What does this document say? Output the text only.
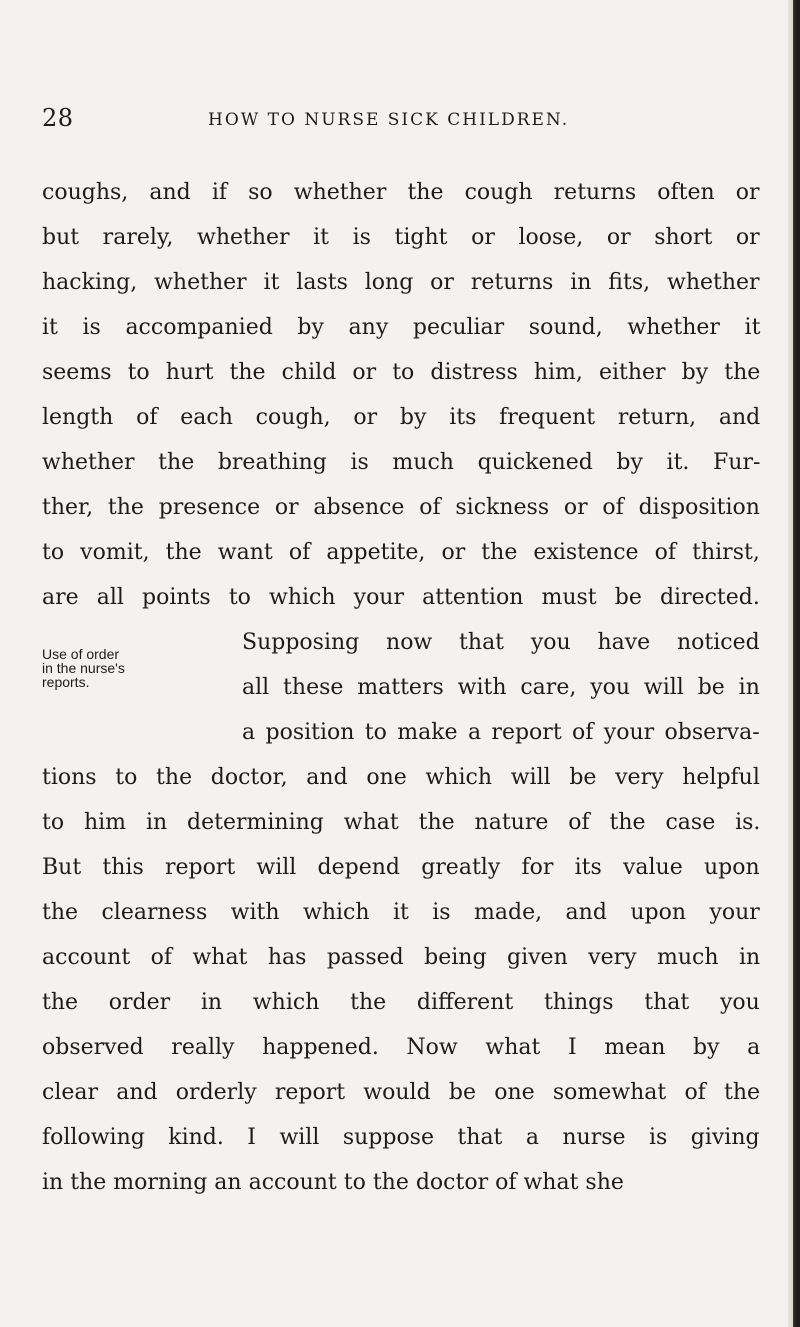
28	HOW TO NURSE SICK CHILDREN.
Use of order
in the nurse's
reports.
coughs, and if so whether the cough returns often or
but rarely, whether it is tight or loose, or short or
hacking, whether it lasts long or returns in fits, whether
it is accompanied by any peculiar sound, whether it
seems to hurt the child or to distress him, either by the
length of each cough, or by its frequent return, and
whether the breathing is much quickened by it. Fur-
ther, the presence or absence of sickness or of disposition
to vomit, the want of appetite, or the existence of thirst,
are all points to which your attention must be directed.
Supposing now that you have noticed
all these matters with care, you will be in
a position to make a report of your observa-
tions to the doctor, and one which will be very helpful
to him in determining what the nature of the case is.
But this report will depend greatly for its value upon
the clearness with which it is made, and upon your
account of what has passed being given very much in
the order in which the different things that you
observed really happened. Now what I mean by a
clear and orderly report would be one somewhat of the
following kind. I will suppose that a nurse is giving
in the morning an account to the doctor of what she
